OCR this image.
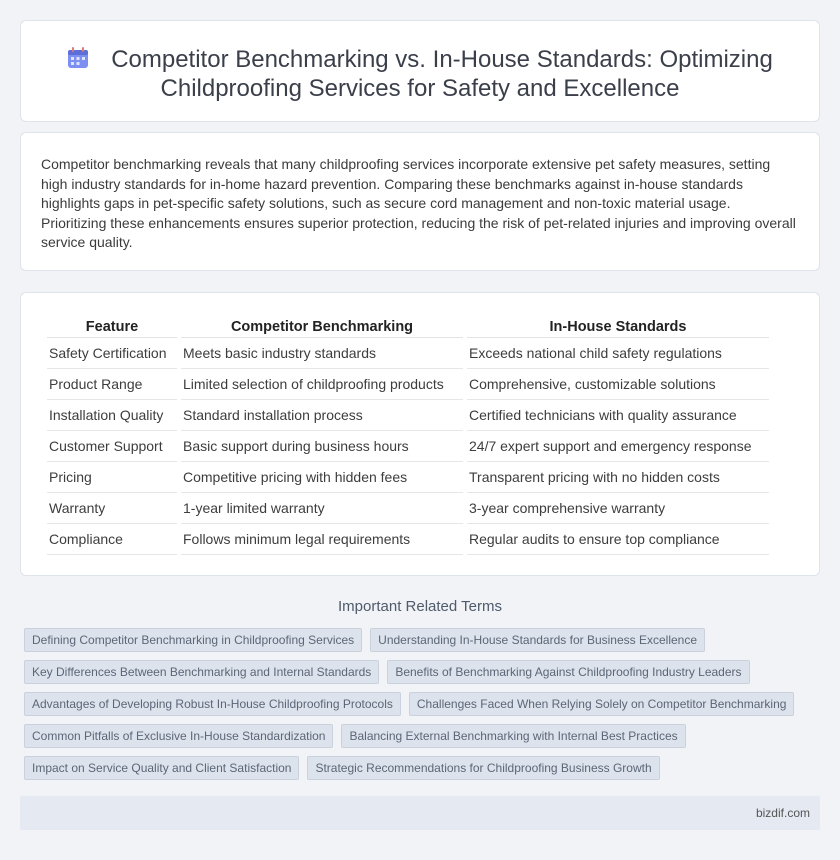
Competitor Benchmarking vs. In-House Standards: Optimizing
Childproofing Services for Safety and Excellence

Competitor benchmarking reveals that many childproofing services incorporate extensive pet safety measures, setting high industry standards for in-home hazard prevention. Comparing these benchmarks against in-house standards highlights gaps in pet-specific safety solutions, such as secure cord management and non-toxic material usage. Prioritizing these enhancements ensures superior protection, reducing the risk of pet-related injuries and improving overall service quality.

Feature	Competitor Benchmarking	In-House Standards
Safety Certification	Meets basic industry standards	Exceeds national child safety regulations
Product Range	Limited selection of childproofing products	Comprehensive, customizable solutions
Installation Quality	Standard installation process	Certified technicians with quality assurance
Customer Support	Basic support during business hours	24/7 expert support and emergency response
Pricing	Competitive pricing with hidden fees	Transparent pricing with no hidden costs
Warranty	1-year limited warranty	3-year comprehensive warranty
Compliance	Follows minimum legal requirements	Regular audits to ensure top compliance
Important Related Terms
Defining Competitor Benchmarking in Childproofing Services	Understanding In-House Standards for Business Excellence
Key Differences Between Benchmarking and Internal Standards	Benefits of Benchmarking Against Childproofing Industry Leaders
Advantages of Developing Robust In-House Childproofing Protocols	Challenges Faced When Relying Solely on Competitor Benchmarking
Common Pitfalls of Exclusive In-House Standardization	Balancing External Benchmarking with Internal Best Practices
Impact on Service Quality and Client Satisfaction	Strategic Recommendations for Childproofing Business Growth
bizdif.com
